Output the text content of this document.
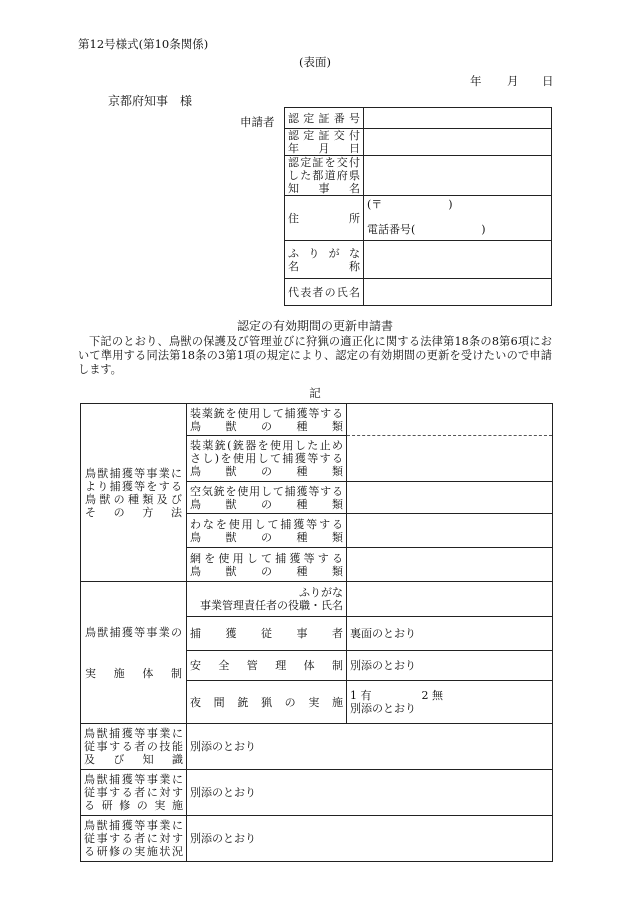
第12号様式(第10条関係)
(表面)
年 月 日
京都府知事　様
申請者 認定証番号	

認定証交付
年　月　日	

認定証を交付
した都道府県
知　事　名	

住　　所	(〒　　　　　　)
電話番号(　　　　　　)

ふりがな
名　　称	

代表者の氏名	

認定の有効期間の更新申請書
下記のとおり、鳥獣の保護及び管理並びに狩猟の適正化に関する法律第18条の8第6項において準用する同法第18条の3第1項の規定により、認定の有効期間の更新を受けたいので申請します。
記
鳥獣捕獲等事業に
より捕獲等をする
鳥獣の種類及び
その方法	装薬銃を使用して捕獲等する
鳥　獣　の　種　類	

	装薬銃(銃器を使用した止め
さし)を使用して捕獲等する
鳥　獣　の　種　類	

	空気銃を使用して捕獲等する
鳥　獣　の　種　類	

	わなを使用して捕獲等する
鳥　獣　の　種　類	

	網を使用して捕獲等する
鳥　獣　の　種　類	

鳥獣捕獲等事業の
実施体制	ふりがな
事業管理責任者の役職・氏名	

	捕獲従事者	裏面のとおり

	安全管理体制	別添のとおり

	夜間銃猟の実施	1 有 2 無
別添のとおり

鳥獣捕獲等事業に
従事する者の技能
及び知識	別添のとおり	

鳥獣捕獲等事業に
従事する者に対す
る研修の実施	別添のとおり	

鳥獣捕獲等事業に
従事する者に対す
る研修の実施状況	別添のとおり	
